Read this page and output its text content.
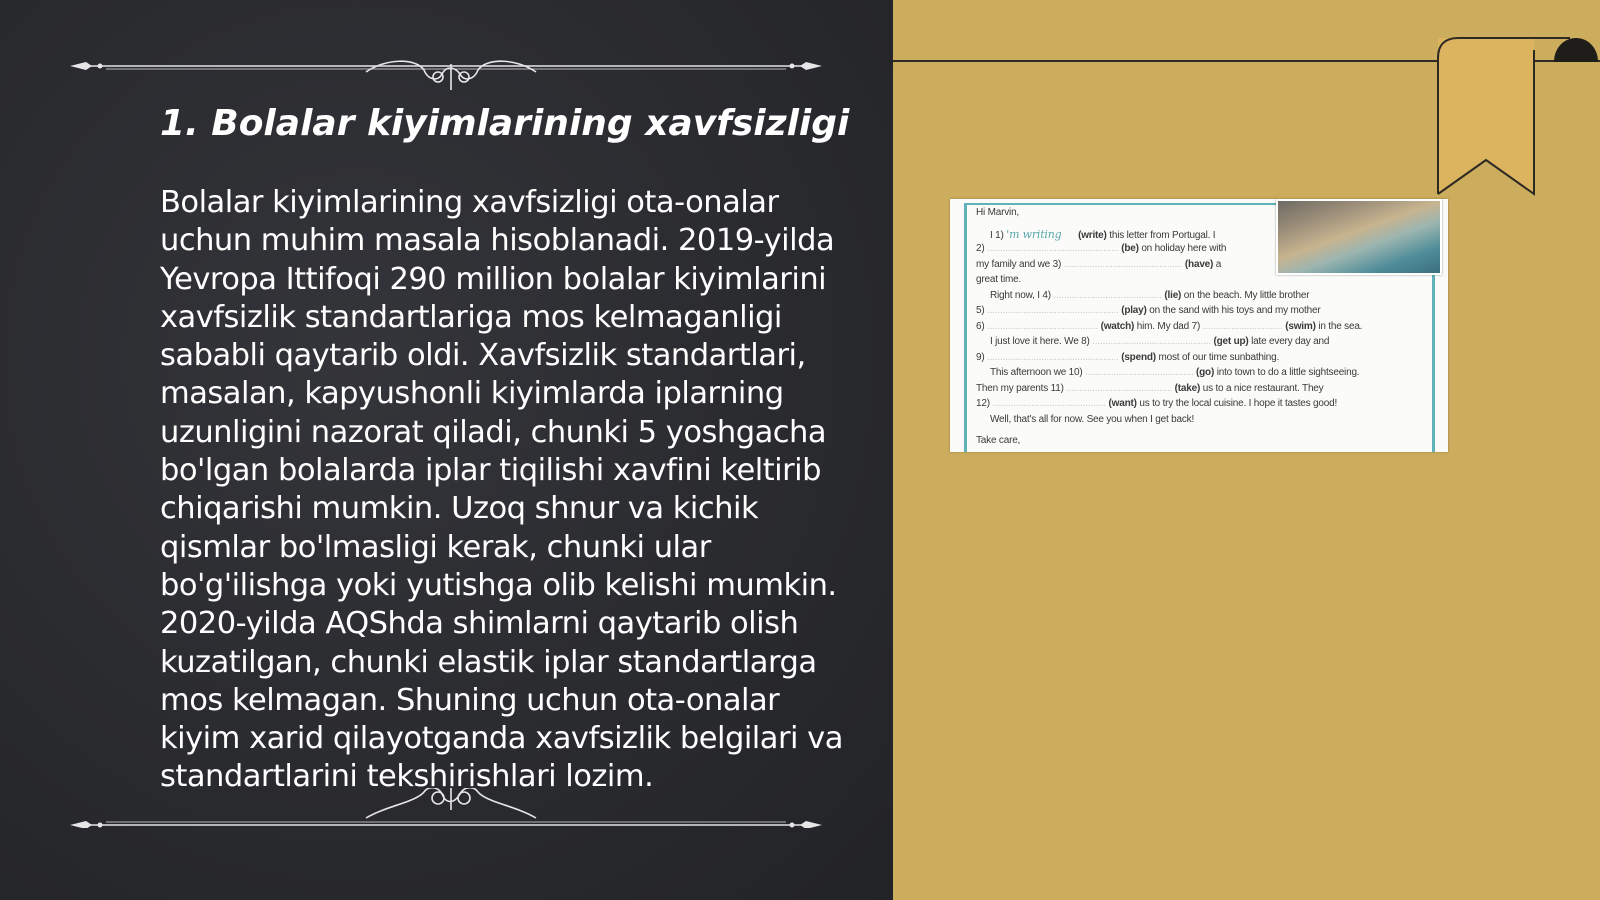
1. Bolalar kiyimlarining xavfsizligi

Bolalar kiyimlarining xavfsizligi ota-onalar uchun muhim masala hisoblanadi. 2019-yilda Yevropa Ittifoqi 290 million bolalar kiyimlarini xavfsizlik standartlariga mos kelmaganligi sababli qaytarib oldi. Xavfsizlik standartlari, masalan, kapyushonli kiyimlarda iplarning uzunligini nazorat qiladi, chunki 5 yoshgacha bo'lgan bolalarda iplar tiqilishi xavfini keltirib chiqarishi mumkin. Uzoq shnur va kichik qismlar bo'lmasligi kerak, chunki ular bo'g'ilishga yoki yutishga olib kelishi mumkin. 2020-yilda AQShda shimlarni qaytarib olish kuzatilgan, chunki elastik iplar standartlarga mos kelmagan. Shuning uchun ota-onalar kiyim xarid qilayotganda xavfsizlik belgilari va standartlarini tekshirishlari lozim.

Hi Marvin,
I 1) 'm writing (write) this letter from Portugal. I
2) ................................................... (be) on holiday here with
my family and we 3) .............................................. (have) a
great time.
Right now, I 4) .......................................... (lie) on the beach. My little brother
5) ................................................... (play) on the sand with his toys and my mother
6) ........................................... (watch) him. My dad 7) ............................... (swim) in the sea.
I just love it here. We 8) .............................................. (get up) late every day and
9) ................................................... (spend) most of our time sunbathing.
This afternoon we 10) .......................................... (go) into town to do a little sightseeing.
Then my parents 11) ......................................... (take) us to a nice restaurant. They
12) ............................................ (want) us to try the local cuisine. I hope it tastes good!
Well, that's all for now. See you when I get back!
Take care,
